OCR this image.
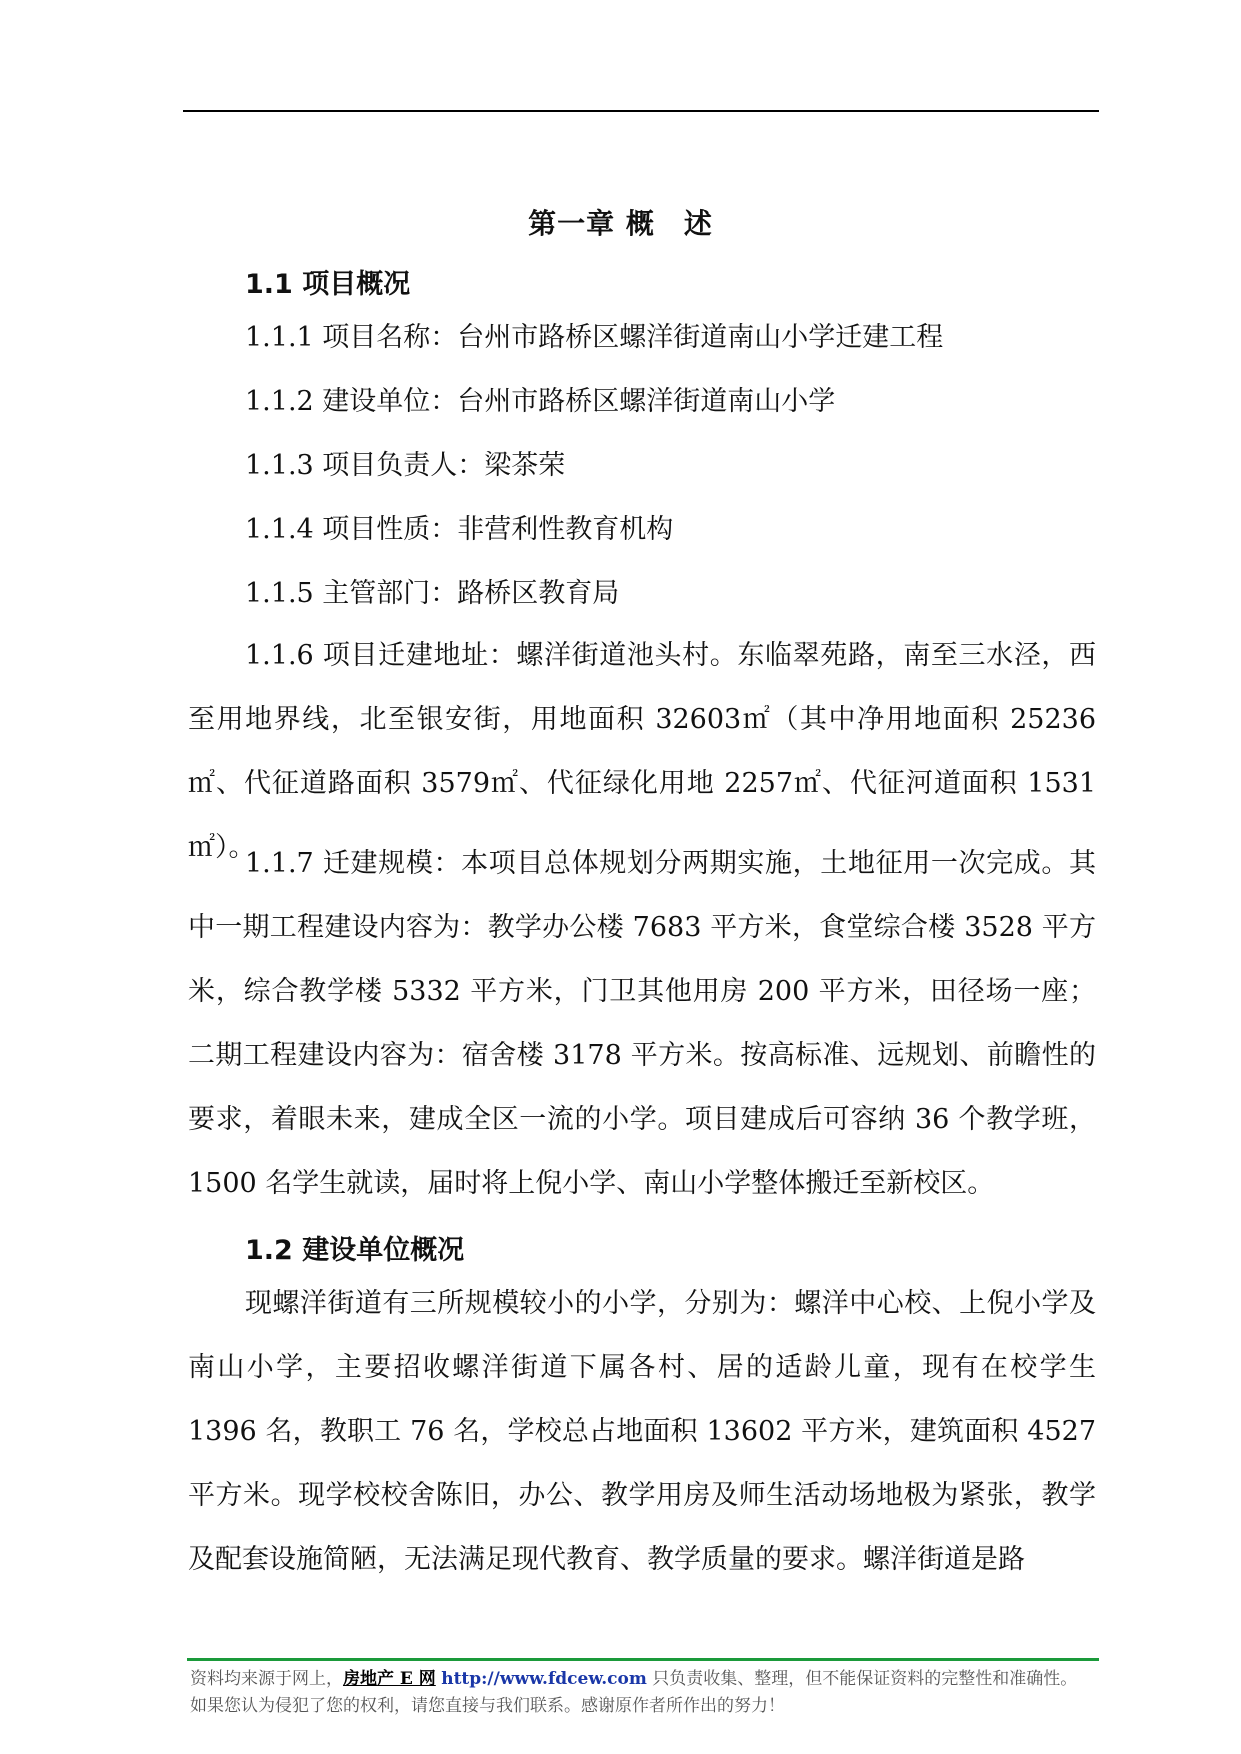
第一章 概　述
1.1 项目概况
1.1.1 项目名称：台州市路桥区螺洋街道南山小学迁建工程
1.1.2 建设单位：台州市路桥区螺洋街道南山小学
1.1.3 项目负责人：梁茶荣
1.1.4 项目性质：非营利性教育机构
1.1.5 主管部门：路桥区教育局
1.1.6 项目迁建地址：螺洋街道池头村。东临翠苑路，南至三水泾，西至用地界线，北至银安街，用地面积 32603㎡（其中净用地面积 25236㎡、代征道路面积 3579㎡、代征绿化用地 2257㎡、代征河道面积 1531㎡）。
1.1.7 迁建规模：本项目总体规划分两期实施，土地征用一次完成。其中一期工程建设内容为：教学办公楼 7683 平方米，食堂综合楼 3528 平方米，综合教学楼 5332 平方米，门卫其他用房 200 平方米，田径场一座；二期工程建设内容为：宿舍楼 3178 平方米。按高标准、远规划、前瞻性的要求，着眼未来，建成全区一流的小学。项目建成后可容纳 36 个教学班，1500 名学生就读，届时将上倪小学、南山小学整体搬迁至新校区。
1.2 建设单位概况
现螺洋街道有三所规模较小的小学，分别为：螺洋中心校、上倪小学及南山小学，主要招收螺洋街道下属各村、居的适龄儿童，现有在校学生 1396 名，教职工 76 名，学校总占地面积 13602 平方米，建筑面积 4527 平方米。现学校校舍陈旧，办公、教学用房及师生活动场地极为紧张，教学及配套设施简陋，无法满足现代教育、教学质量的要求。螺洋街道是路
资料均来源于网上，房地产 E 网 http://www.fdcew.com 只负责收集、整理，但不能保证资料的完整性和准确性。
如果您认为侵犯了您的权利，请您直接与我们联系。感谢原作者所作出的努力！
